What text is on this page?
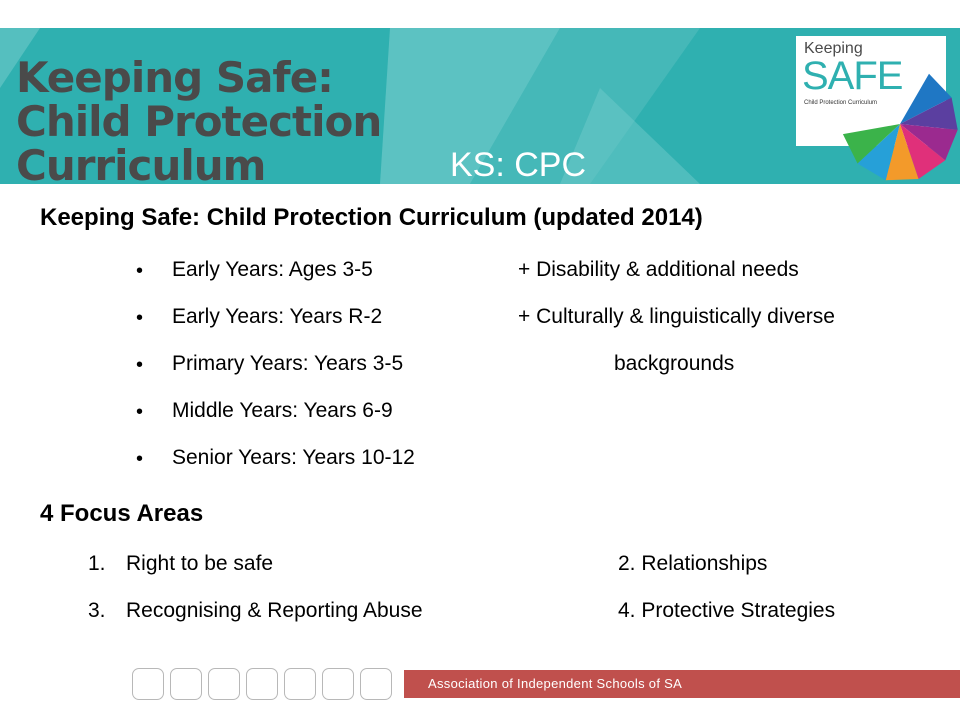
Keeping Safe:
Child Protection
Curriculum	KS: CPC
Keeping
SAFE
Child Protection Curriculum
Keeping Safe: Child Protection Curriculum (updated 2014)
• Early Years: Ages 3-5	+ Disability & additional needs
• Early Years: Years R-2	+ Culturally & linguistically diverse
• Primary Years: Years 3-5	backgrounds
• Middle Years: Years 6-9
• Senior Years: Years 10-12
4 Focus Areas
1. Right to be safe	2. Relationships
3. Recognising & Reporting Abuse	4. Protective Strategies
Association of Independent Schools of SA
